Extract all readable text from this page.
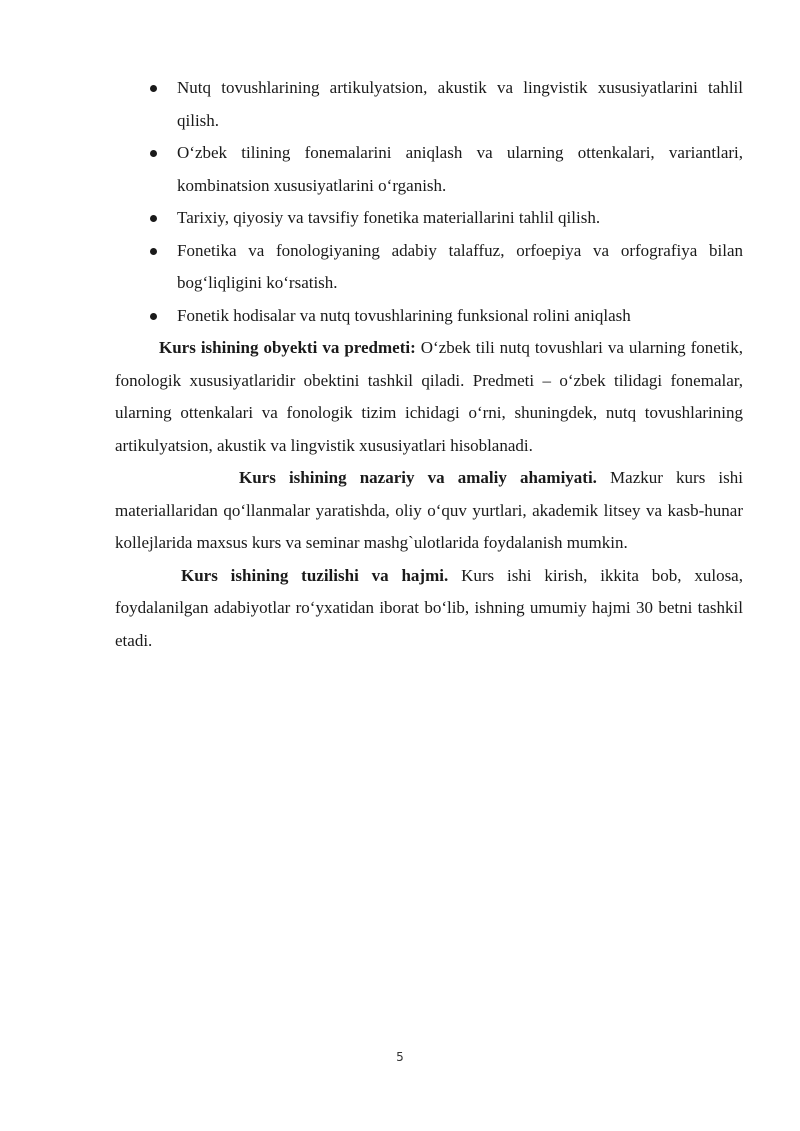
Nutq tovushlarining artikulyatsion, akustik va lingvistik xususiyatlarini tahlil qilish.
O‘zbek tilining fonemalarini aniqlash va ularning ottenkalari, variantlari, kombinatsion xususiyatlarini o‘rganish.
Tarixiy, qiyosiy va tavsifiy fonetika materiallarini tahlil qilish.
Fonetika va fonologiyaning adabiy talaffuz, orfoepiya va orfografiya bilan bog‘liqligini ko‘rsatish.
Fonetik hodisalar va nutq tovushlarining funksional rolini aniqlash

Kurs ishining obyekti va predmeti: O‘zbek tili nutq tovushlari va ularning fonetik, fonologik xususiyatlaridir obektini tashkil qiladi. Predmeti – o‘zbek tilidagi fonemalar, ularning ottenkalari va fonologik tizim ichidagi o‘rni, shuningdek, nutq tovushlarining artikulyatsion, akustik va lingvistik xususiyatlari hisoblanadi.

Kurs ishining nazariy va amaliy ahamiyati. Mazkur kurs ishi materiallaridan qo‘llanmalar yaratishda, oliy o‘quv yurtlari, akademik litsey va kasb-hunar kollejlarida maxsus kurs va seminar mashg`ulotlarida foydalanish mumkin.

Kurs ishining tuzilishi va hajmi. Kurs ishi kirish, ikkita bob, xulosa, foydalanilgan adabiyotlar ro‘yxatidan iborat bo‘lib, ishning umumiy hajmi 30 betni tashkil etadi.

5
